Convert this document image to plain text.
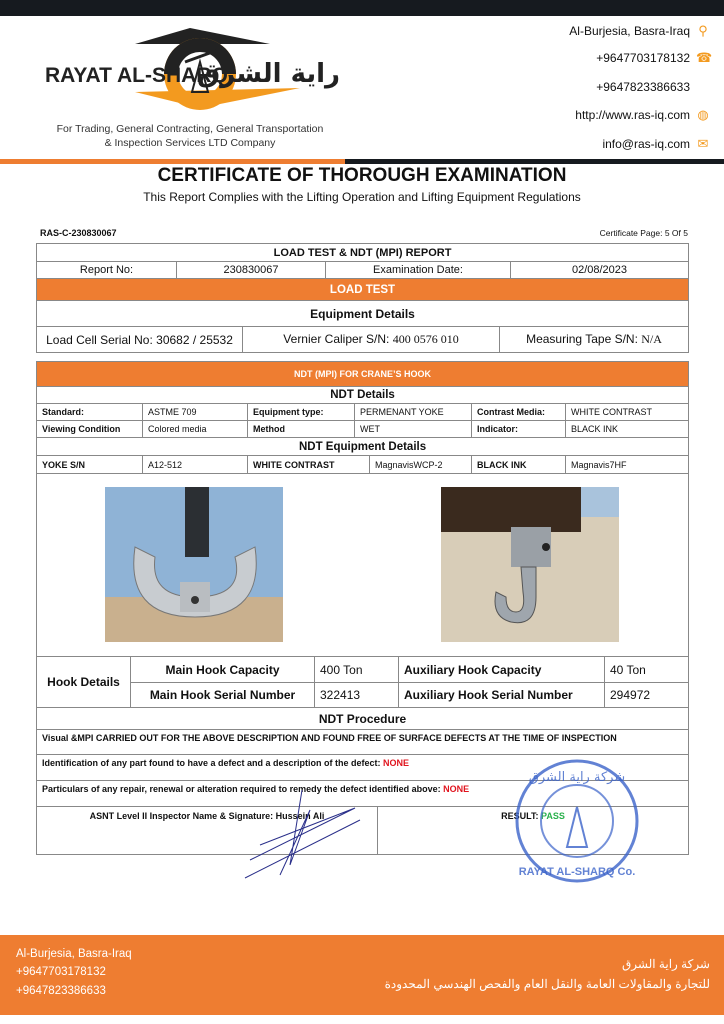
RAYAT AL-SHARQ
راية الشرق
For Trading, General Contracting, General Transportation
& Inspection Services LTD Company
Al-Burjesia, Basra-Iraq ⚲
+9647703178132 ☎
+9647823386633
http://www.ras-iq.com ◍
info@ras-iq.com ✉
CERTIFICATE OF THOROUGH EXAMINATION
This Report Complies with the Lifting Operation and Lifting Equipment Regulations
RAS-C-230830067	Certificate Page: 5 Of 5
LOAD TEST & NDT (MPI) REPORT
Report No:	230830067	Examination Date:	02/08/2023
LOAD TEST
Equipment Details
Load Cell Serial No: 30682 / 25532	Vernier Caliper S/N: 400 0576 010	Measuring Tape S/N: N/A
NDT (MPI) FOR CRANE’S HOOK					
NDT Details					
Standard:	ASTME 709	Equipment type:	PERMENANT YOKE	Contrast Media:	WHITE CONTRAST
Viewing Condition	Colored media	Method	WET	Indicator:	BLACK INK
NDT Equipment Details					
YOKE S/N	A12-512	WHITE CONTRAST	MagnavisWCP-2	BLACK INK	Magnavis7HF

Hook Details	Main Hook Capacity	400 Ton	Auxiliary Hook Capacity	40 Ton
	Main Hook Serial Number	322413	Auxiliary Hook Serial Number	294972
NDT Procedure				
Visual &MPI CARRIED OUT FOR THE ABOVE DESCRIPTION AND FOUND FREE OF SURFACE DEFECTS AT THE TIME OF INSPECTION				
Identification of any part found to have a defect and a description of the defect: NONE				
Particulars of any repair, renewal or alteration required to remedy the defect identified above: NONE				
ASNT Level II Inspector Name & Signature: Hussein Ali	RESULT: PASS
شركة راية الشرق
RAYAT AL-SHARQ Co.
Al-Burjesia, Basra-Iraq
+9647703178132
+9647823386633
شركة راية الشرق
للتجارة والمقاولات العامة والنقل العام والفحص الهندسي المحدودة
